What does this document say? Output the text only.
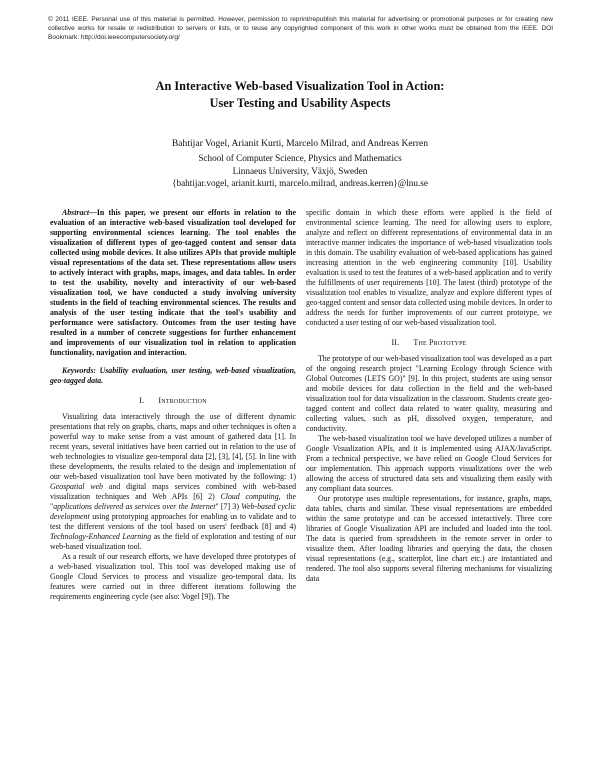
© 2011 IEEE. Personal use of this material is permitted. However, permission to reprint/republish this material for advertising or promotional purposes or for creating new collective works for resale or redistribution to servers or lists, or to reuse any copyrighted component of this work in other works must be obtained from the IEEE. DOI Bookmark: http://doi.ieeecomputersociety.org/
An Interactive Web-based Visualization Tool in Action:
User Testing and Usability Aspects
Bahtijar Vogel, Arianit Kurti, Marcelo Milrad, and Andreas Kerren
School of Computer Science, Physics and Mathematics
Linnaeus University, Växjö, Sweden
{bahtijar.vogel, arianit.kurti, marcelo.milrad, andreas.kerren}@lnu.se

Abstract—In this paper, we present our efforts in relation to the evaluation of an interactive web-based visualization tool developed for supporting environmental sciences learning. The tool enables the visualization of different types of geo-tagged content and sensor data collected using mobile devices. It also utilizes APIs that provide multiple visual representations of the data set. These representations allow users to actively interact with graphs, maps, images, and data tables. In order to test the usability, novelty and interactivity of our web-based visualization tool, we have conducted a study involving university students in the field of teaching environmental sciences. The results and analysis of the user testing indicate that the tool's usability and performance were satisfactory. Outcomes from the user testing have resulted in a number of concrete suggestions for further enhancement and improvements of our visualization tool in relation to application functionality, navigation and interaction.

Keywords: Usability evaluation, user testing, web-based visualization, geo-tagged data.

I. Introduction

Visualizing data interactively through the use of different dynamic presentations that rely on graphs, charts, maps and other techniques is often a powerful way to make sense from a vast amount of gathered data [1]. In recent years, several initiatives have been carried out in relation to the use of web technologies to visualize geo-temporal data [2], [3], [4], [5]. In line with these developments, the results related to the design and implementation of our web-based visualization tool have been motivated by the following: 1) Geospatial web and digital maps services combined with web-based visualization techniques and Web APIs [6] 2) Cloud computing, the "applications delivered as services over the Internet" [7] 3) Web-based cyclic development using prototyping approaches for enabling us to validate and to test the different versions of the tool based on users' feedback [8] and 4) Technology-Enhanced Learning as the field of exploration and testing of our web-based visualization tool.

As a result of our research efforts, we have developed three prototypes of a web-based visualization tool. This tool was developed making use of Google Cloud Services to process and visualize geo-temporal data. Its features were carried out in three different iterations following the requirements engineering cycle (see also: Vogel [9]). The

specific domain in which these efforts were applied is the field of environmental science learning. The need for allowing users to explore, analyze and reflect on different representations of environmental data in an interactive manner indicates the importance of web-based visualization tools in this domain. The usability evaluation of web-based applications has gained increasing attention in the web engineering community [10]. Usability evaluation is used to test the features of a web-based application and to verify the fulfillments of user requirements [10]. The latest (third) prototype of the visualization tool enables to visualize, analyze and explore different types of geo-tagged content and sensor data collected using mobile devices. In order to address the needs for further improvements of our current prototype, we conducted a user testing of our web-based visualization tool.

II. The Prototype

The prototype of our web-based visualization tool was developed as a part of the ongoing research project "Learning Ecology through Science with Global Outcomes (LETS GO)" [9]. In this project, students are using sensor and mobile devices for data collection in the field and the web-based visualization tool for data visualization in the classroom. Students create geo-tagged content and collect data related to water quality, measuring and collecting values, such as pH, dissolved oxygen, temperature, and conductivity.

The web-based visualization tool we have developed utilizes a number of Google Visualization APIs, and it is implemented using AJAX/JavaScript. From a technical perspective, we have relied on Google Cloud Services for our implementation. This approach supports visualizations over the web allowing the access of structured data sets and visualizing them easily with any compliant data sources.

Our prototype uses multiple representations, for instance, graphs, maps, data tables, charts and similar. These visual representations are embedded within the same prototype and can be accessed interactively. Three core libraries of Google Visualization API are included and loaded into the tool. The data is queried from spreadsheets in the remote server in order to visualize them. After loading libraries and querying the data, the chosen visual representations (e.g., scatterplot, line chart etc.) are instantiated and rendered. The tool also supports several filtering mechanisms for visualizing data
